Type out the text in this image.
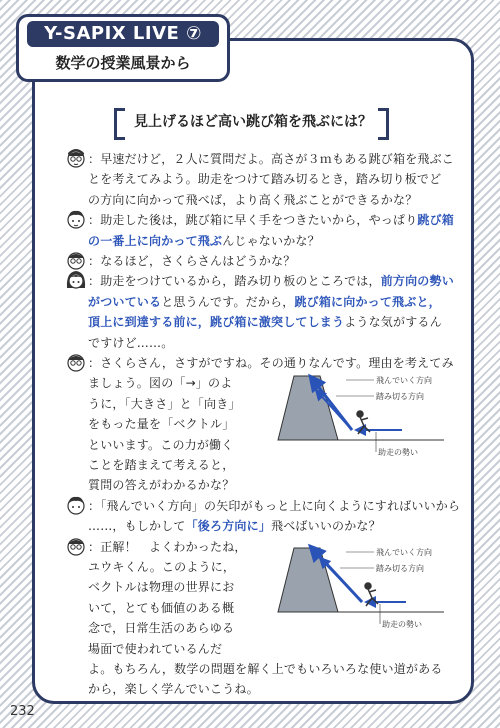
Y-SAPIX LIVE ⑦
数学の授業風景から
見上げるほど高い跳び箱を飛ぶには？
：早速だけど，２人に質問だよ。高さが３ｍもある跳び箱を飛ぶこ
とを考えてみよう。助走をつけて踏み切るとき，踏み切り板でど
の方向に向かって飛べば，より高く飛ぶことができるかな？
：助走した後は，跳び箱に早く手をつきたいから，やっぱり跳び箱
の一番上に向かって飛ぶんじゃないかな？
：なるほど，さくらさんはどうかな？
：助走をつけているから，踏み切り板のところでは，前方向の勢い
がついていると思うんです。だから，跳び箱に向かって飛ぶと，
頂上に到達する前に，跳び箱に激突してしまうような気がするん
ですけど……。
：さくらさん，さすがですね。その通りなんです。理由を考えてみ
ましょう。図の「→」のよ
うに，「大きさ」と「向き」
をもった量を「ベクトル」
といいます。この力が働く
ことを踏まえて考えると，
質問の答えがわかるかな？
：「飛んでいく方向」の矢印がもっと上に向くようにすればいいから
……，もしかして「後ろ方向に」飛べばいいのかな？
：正解！　よくわかったね，
ユウキくん。このように，
ベクトルは物理の世界にお
いて，とても価値のある概
念で，日常生活のあらゆる
場面で使われているんだ
よ。もちろん，数学の問題を解く上でもいろいろな使い道がある
から，楽しく学んでいこうね。
飛んでいく方向
踏み切る方向
助走の勢い
飛んでいく方向
踏み切る方向
助走の勢い
232
